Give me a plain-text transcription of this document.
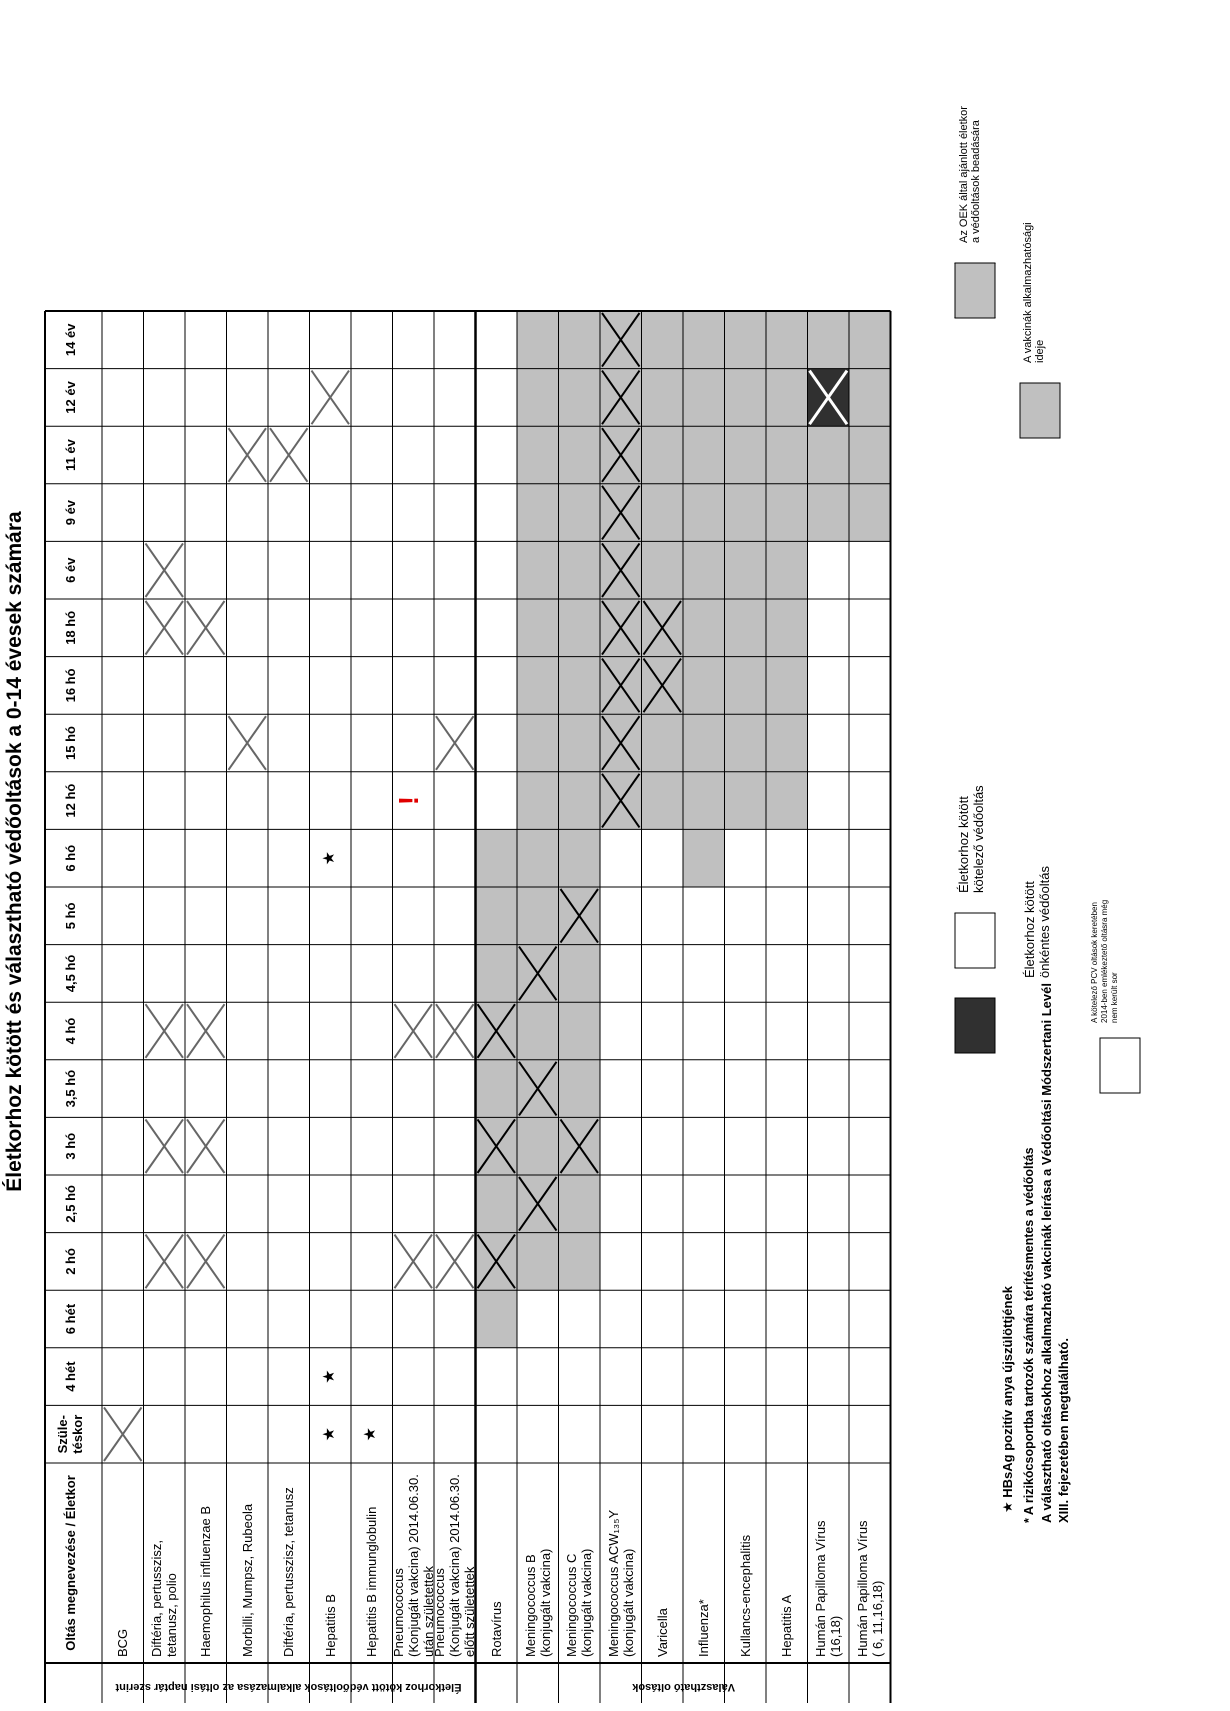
Életkorhoz kötött és választható védőoltások a 0-14 évesek számára
Oltás megnevezése / Életkor
Szüle-
téskor
4 hét
6 hét
2 hó
2,5 hó
3 hó
3,5 hó
4 hó
4,5 hó
5 hó
6 hó
12 hó
15 hó
16 hó
18 hó
6 év
9 év
11 év
12 év
14 év
BCG Diftéria, pertusszisz,
tetanusz, polio Haemophilus influenzae B Morbilli, Mumpsz, Rubeola Diftéria, pertusszisz, tetanusz Hepatitis B Hepatitis B immunglobulin Pneumococcus
(Konjugált vakcina) 2014.06.30.
után születettek
Pneumococcus
(Konjugált vakcina) 2014.06.30.
előtt születettek
Rotavírus Meningococcus B
(konjugált vakcina) Meningococcus C
(konjugált vakcina) Meningococcus ACW₁₃₅Y
(konjugált vakcina)
Varicella Influenza* Kullancs-encephalitis Hepatitis A Humán Papilloma Vírus
(16,18) Humán Papilloma Vírus
( 6, 11,16,18)
★
★
★
★
!
Életkorhoz kötött védőoltások alkalmazása az oltási naptár szerint	Választható oltások
★ HBsAg pozitív anya újszülöttjének * A rizikócsoportba tartozók számára térítésmentes a védőoltás A választható oltásokhoz alkalmazható vakcinák leírása a Védőoltási Módszertani Levél
XIII. fejezetében megtalálható.
Életkorhoz kötött
kötelező védőoltás
Életkorhoz kötött
önkéntes védőoltás
Az OEK által ajánlott életkor
a védőoltások beadására
A vakcinák alkalmazhatósági
ideje
A kötelező PCV oltások keretében
2014-ben emlékeztető oltásra még
nem került sor
